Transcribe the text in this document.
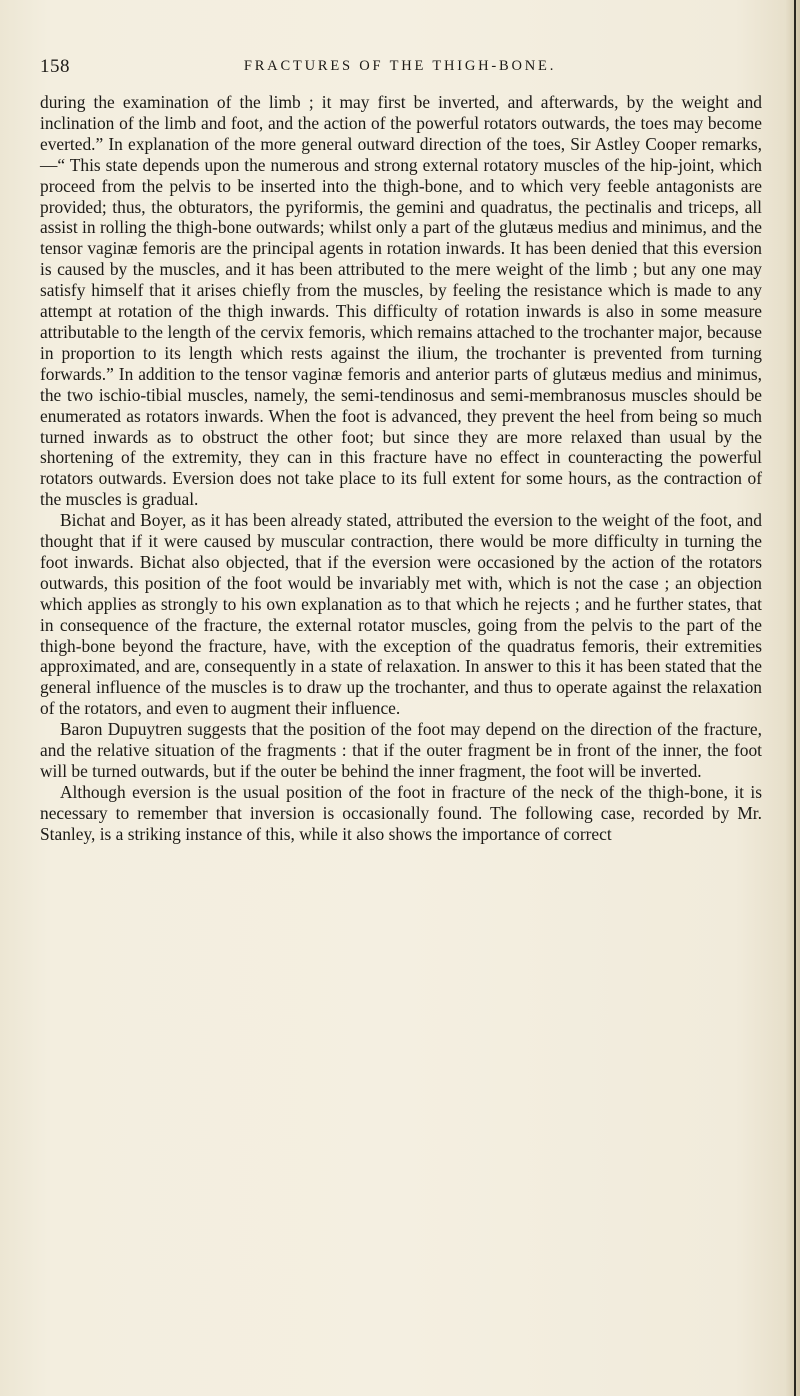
158	FRACTURES OF THE THIGH-BONE.

during the examination of the limb ; it may first be inverted, and afterwards, by the weight and inclination of the limb and foot, and the action of the powerful rotators outwards, the toes may become everted.” In explanation of the more general outward direction of the toes, Sir Astley Cooper remarks,—“ This state depends upon the numerous and strong external rotatory muscles of the hip-joint, which proceed from the pelvis to be inserted into the thigh-bone, and to which very feeble antagonists are provided; thus, the obturators, the pyriformis, the gemini and quadratus, the pectinalis and triceps, all assist in rolling the thigh-bone outwards; whilst only a part of the glutæus medius and minimus, and the tensor vaginæ femoris are the principal agents in rotation inwards. It has been denied that this eversion is caused by the muscles, and it has been attributed to the mere weight of the limb ; but any one may satisfy himself that it arises chiefly from the muscles, by feeling the resistance which is made to any attempt at rotation of the thigh inwards. This difficulty of rotation inwards is also in some measure attributable to the length of the cervix femoris, which remains attached to the trochanter major, because in proportion to its length which rests against the ilium, the trochanter is prevented from turning forwards.” In addition to the tensor vaginæ femoris and anterior parts of glutæus medius and minimus, the two ischio-tibial muscles, namely, the semi-tendinosus and semi-membranosus muscles should be enumerated as rotators inwards. When the foot is advanced, they prevent the heel from being so much turned inwards as to obstruct the other foot; but since they are more relaxed than usual by the shortening of the extremity, they can in this fracture have no effect in counteracting the powerful rotators outwards. Eversion does not take place to its full extent for some hours, as the contraction of the muscles is gradual.

Bichat and Boyer, as it has been already stated, attributed the eversion to the weight of the foot, and thought that if it were caused by muscular contraction, there would be more difficulty in turning the foot inwards. Bichat also objected, that if the eversion were occasioned by the action of the rotators outwards, this position of the foot would be invariably met with, which is not the case ; an objection which applies as strongly to his own explanation as to that which he rejects ; and he further states, that in consequence of the fracture, the external rotator muscles, going from the pelvis to the part of the thigh-bone beyond the fracture, have, with the exception of the quadratus femoris, their extremities approximated, and are, consequently in a state of relaxation. In answer to this it has been stated that the general influence of the muscles is to draw up the trochanter, and thus to operate against the relaxation of the rotators, and even to augment their influence.

Baron Dupuytren suggests that the position of the foot may depend on the direction of the fracture, and the relative situation of the fragments : that if the outer fragment be in front of the inner, the foot will be turned outwards, but if the outer be behind the inner fragment, the foot will be inverted.

Although eversion is the usual position of the foot in fracture of the neck of the thigh-bone, it is necessary to remember that inversion is occasionally found. The following case, recorded by Mr. Stanley, is a striking instance of this, while it also shows the importance of correct
